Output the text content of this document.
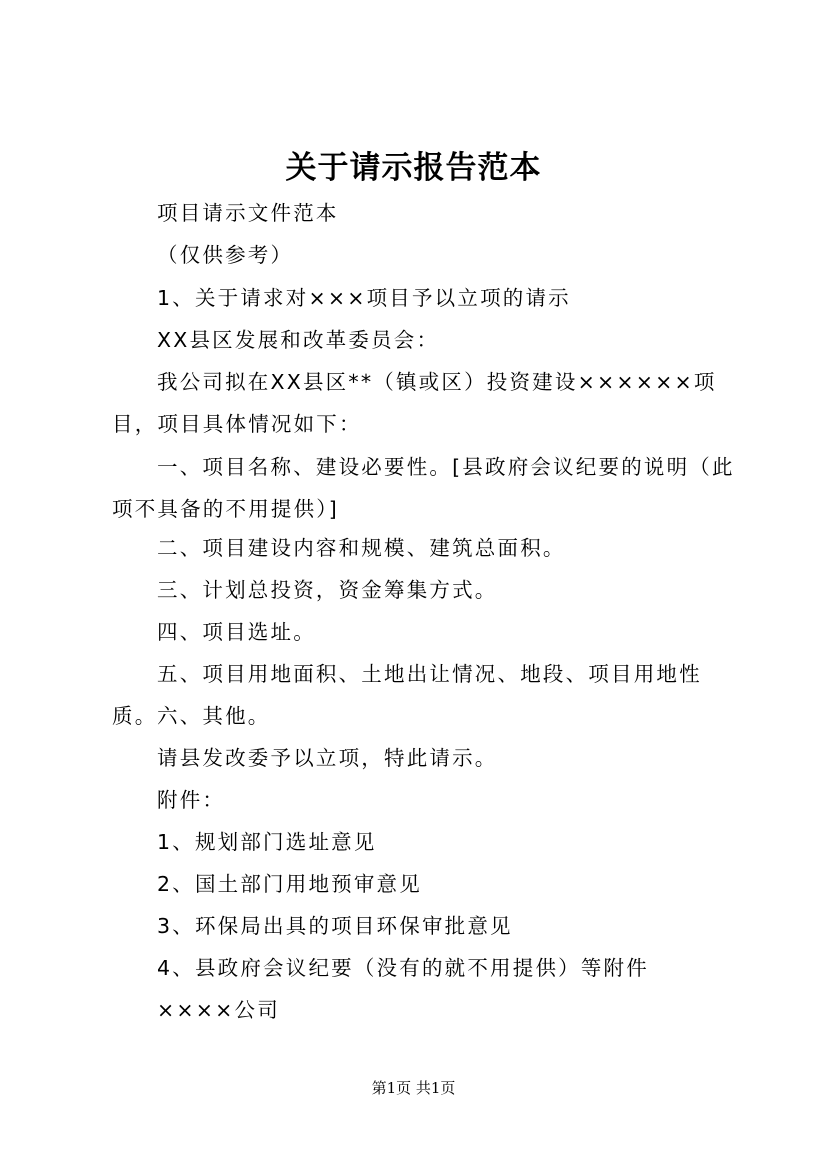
关于请示报告范本
项目请示文件范本
（仅供参考）
1、关于请求对×××项目予以立项的请示
XX县区发展和改革委员会：
我公司拟在XX县区**（镇或区）投资建设××××××项目，项目具体情况如下：
一、项目名称、建设必要性。[县政府会议纪要的说明（此项不具备的不用提供）]
二、项目建设内容和规模、建筑总面积。
三、计划总投资，资金筹集方式。
四、项目选址。
五、项目用地面积、土地出让情况、地段、项目用地性质。 六、其他。
请县发改委予以立项，特此请示。
附件：
1、规划部门选址意见
2、国土部门用地预审意见
3、环保局出具的项目环保审批意见
4、县政府会议纪要（没有的就不用提供）等附件
××××公司
第1页 共1页
